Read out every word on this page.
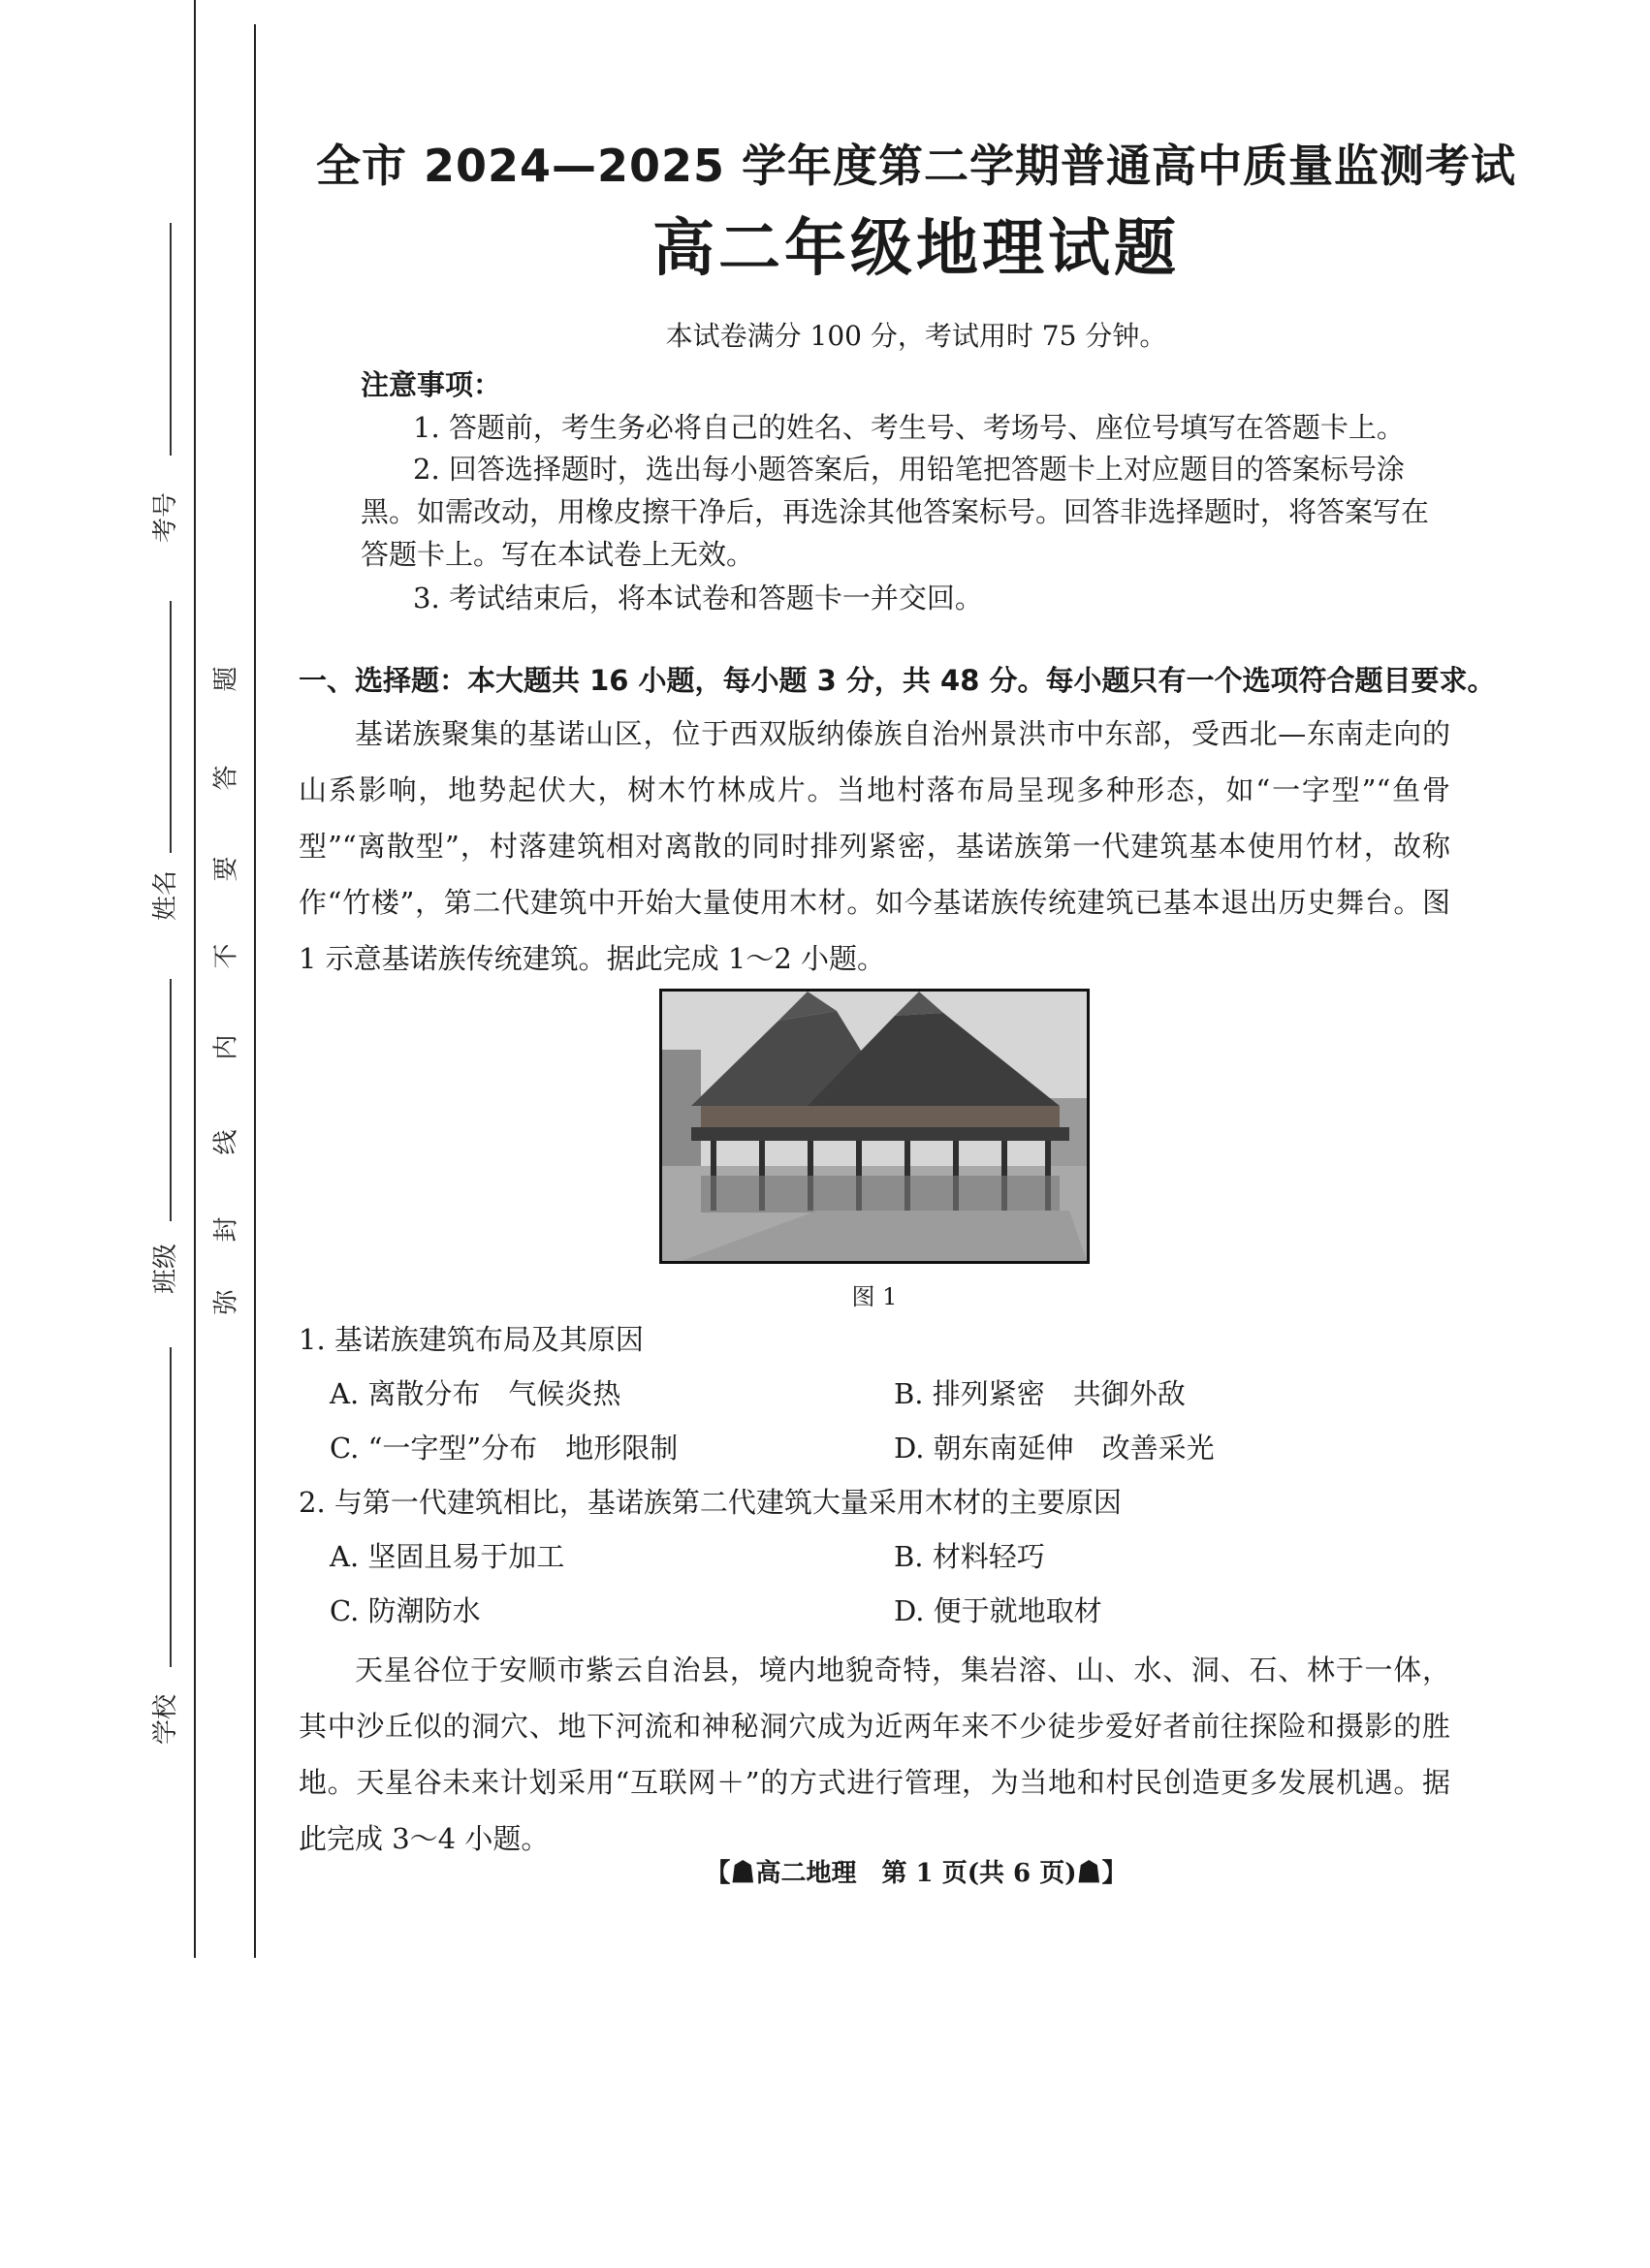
考号
姓名
班级
学校
题
答
要
不
内
线
封
弥
全市 2024—2025 学年度第二学期普通高中质量监测考试
高二年级地理试题
本试卷满分 100 分，考试用时 75 分钟。
注意事项：
1. 答题前，考生务必将自己的姓名、考生号、考场号、座位号填写在答题卡上。
2. 回答选择题时，选出每小题答案后，用铅笔把答题卡上对应题目的答案标号涂黑。如需改动，用橡皮擦干净后，再选涂其他答案标号。回答非选择题时，将答案写在答题卡上。写在本试卷上无效。
3. 考试结束后，将本试卷和答题卡一并交回。
一、选择题：本大题共 16 小题，每小题 3 分，共 48 分。每小题只有一个选项符合题目要求。
基诺族聚集的基诺山区，位于西双版纳傣族自治州景洪市中东部，受西北—东南走向的山系影响，地势起伏大，树木竹林成片。当地村落布局呈现多种形态，如“一字型”“鱼骨型”“离散型”，村落建筑相对离散的同时排列紧密，基诺族第一代建筑基本使用竹材，故称作“竹楼”，第二代建筑中开始大量使用木材。如今基诺族传统建筑已基本退出历史舞台。图 1 示意基诺族传统建筑。据此完成 1～2 小题。
图 1
1. 基诺族建筑布局及其原因
A. 离散分布　气候炎热	B. 排列紧密　共御外敌
C. “一字型”分布　地形限制	D. 朝东南延伸　改善采光
2. 与第一代建筑相比，基诺族第二代建筑大量采用木材的主要原因
A. 坚固且易于加工	B. 材料轻巧
C. 防潮防水	D. 便于就地取材
天星谷位于安顺市紫云自治县，境内地貌奇特，集岩溶、山、水、洞、石、林于一体，其中沙丘似的洞穴、地下河流和神秘洞穴成为近两年来不少徒步爱好者前往探险和摄影的胜地。天星谷未来计划采用“互联网＋”的方式进行管理，为当地和村民创造更多发展机遇。据此完成 3～4 小题。
【☗高二地理　第 1 页(共 6 页)☗】
